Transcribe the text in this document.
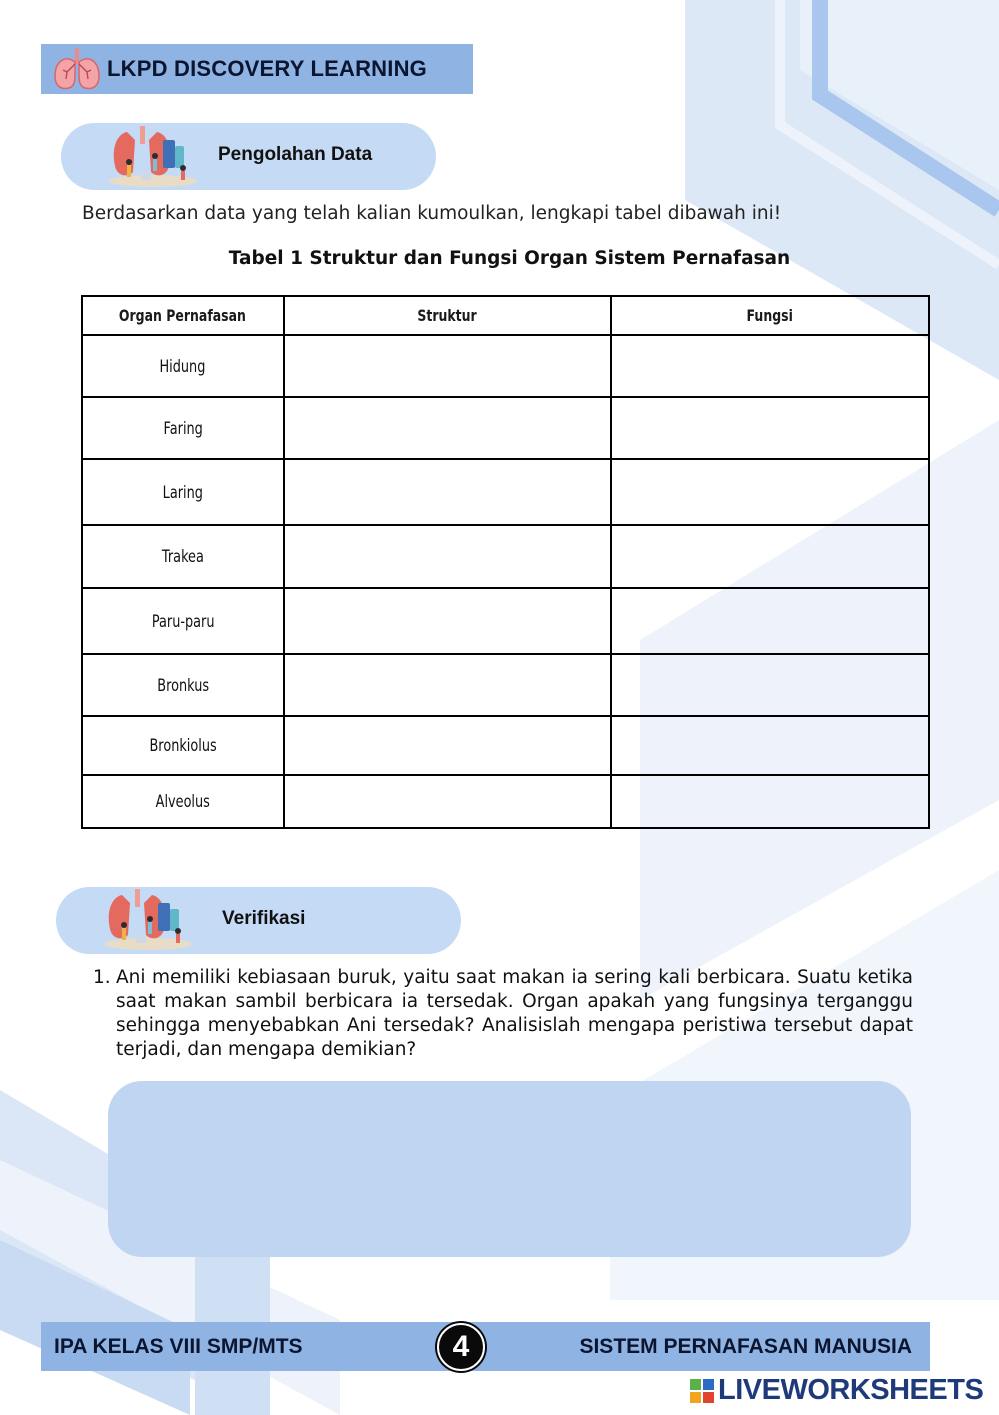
LKPD DISCOVERY LEARNING
Pengolahan Data
Berdasarkan data yang telah kalian kumoulkan, lengkapi tabel dibawah ini!
Tabel 1 Struktur dan Fungsi Organ Sistem Pernafasan
Organ Pernafasan	Struktur	Fungsi
Hidung		
Faring		
Laring		
Trakea		
Paru-paru		
Bronkus		
Bronkiolus		
Alveolus		
Verifikasi
1. Ani memiliki kebiasaan buruk, yaitu saat makan ia sering kali berbicara. Suatu ketika saat makan sambil berbicara ia tersedak. Organ apakah yang fungsinya terganggu sehingga menyebabkan Ani tersedak? Analisislah mengapa peristiwa tersebut dapat terjadi, dan mengapa demikian?
IPA KELAS VIII SMP/MTS	4	SISTEM PERNAFASAN MANUSIA
LIVEWORKSHEETS
